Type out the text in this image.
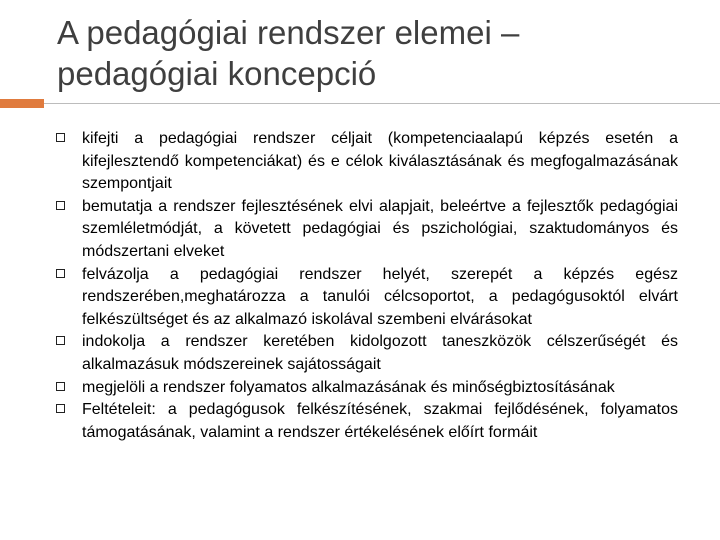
A pedagógiai rendszer elemei – pedagógiai koncepció
kifejti a pedagógiai rendszer céljait (kompetenciaalapú képzés esetén a kifejlesztendő kompetenciákat) és e célok kiválasztásának és megfogalmazásának szempontjait
bemutatja a rendszer fejlesztésének elvi alapjait, beleértve a fejlesztők pedagógiai szemléletmódját, a követett pedagógiai és pszichológiai, szaktudományos és módszertani elveket
felvázolja a pedagógiai rendszer helyét, szerepét a képzés egész rendszerében,meghatározza a tanulói célcsoportot, a pedagógusoktól elvárt felkészültséget és az alkalmazó iskolával szembeni elvárásokat
indokolja a rendszer keretében kidolgozott taneszközök célszerűségét és alkalmazásuk módszereinek sajátosságait
megjelöli a rendszer folyamatos alkalmazásának és minőségbiztosításának
Feltételeit: a pedagógusok felkészítésének, szakmai fejlődésének, folyamatos támogatásának, valamint a rendszer értékelésének előírt formáit
